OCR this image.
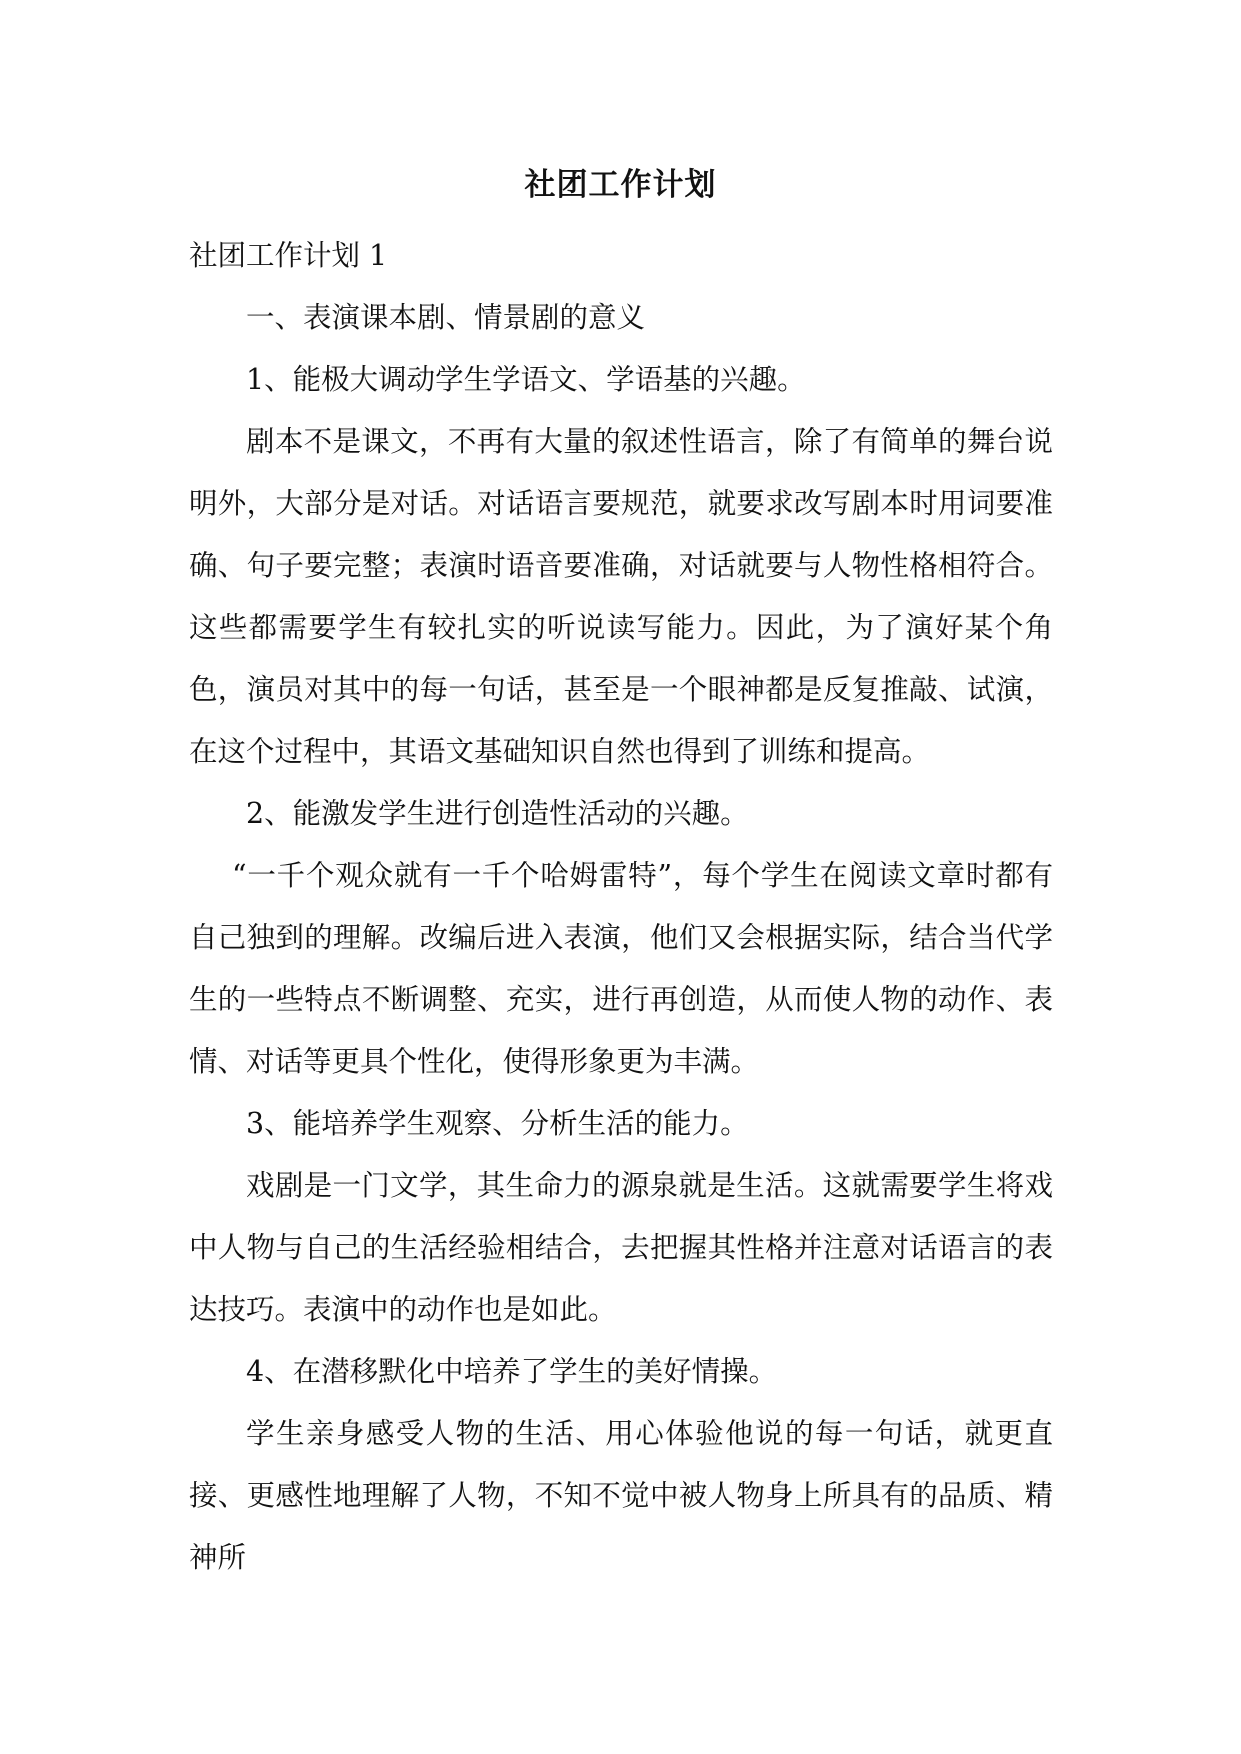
社团工作计划

社团工作计划 1

一、表演课本剧、情景剧的意义

1、能极大调动学生学语文、学语基的兴趣。

剧本不是课文，不再有大量的叙述性语言，除了有简单的舞台说明外，大部分是对话。对话语言要规范，就要求改写剧本时用词要准确、句子要完整；表演时语音要准确，对话就要与人物性格相符合。这些都需要学生有较扎实的听说读写能力。因此，为了演好某个角色，演员对其中的每一句话，甚至是一个眼神都是反复推敲、试演，在这个过程中，其语文基础知识自然也得到了训练和提高。

2、能激发学生进行创造性活动的兴趣。

“一千个观众就有一千个哈姆雷特”，每个学生在阅读文章时都有自己独到的理解。改编后进入表演，他们又会根据实际，结合当代学生的一些特点不断调整、充实，进行再创造，从而使人物的动作、表情、对话等更具个性化，使得形象更为丰满。

3、能培养学生观察、分析生活的能力。

戏剧是一门文学，其生命力的源泉就是生活。这就需要学生将戏中人物与自己的生活经验相结合，去把握其性格并注意对话语言的表达技巧。表演中的动作也是如此。

4、在潜移默化中培养了学生的美好情操。

学生亲身感受人物的生活、用心体验他说的每一句话，就更直接、更感性地理解了人物，不知不觉中被人物身上所具有的品质、精神所
